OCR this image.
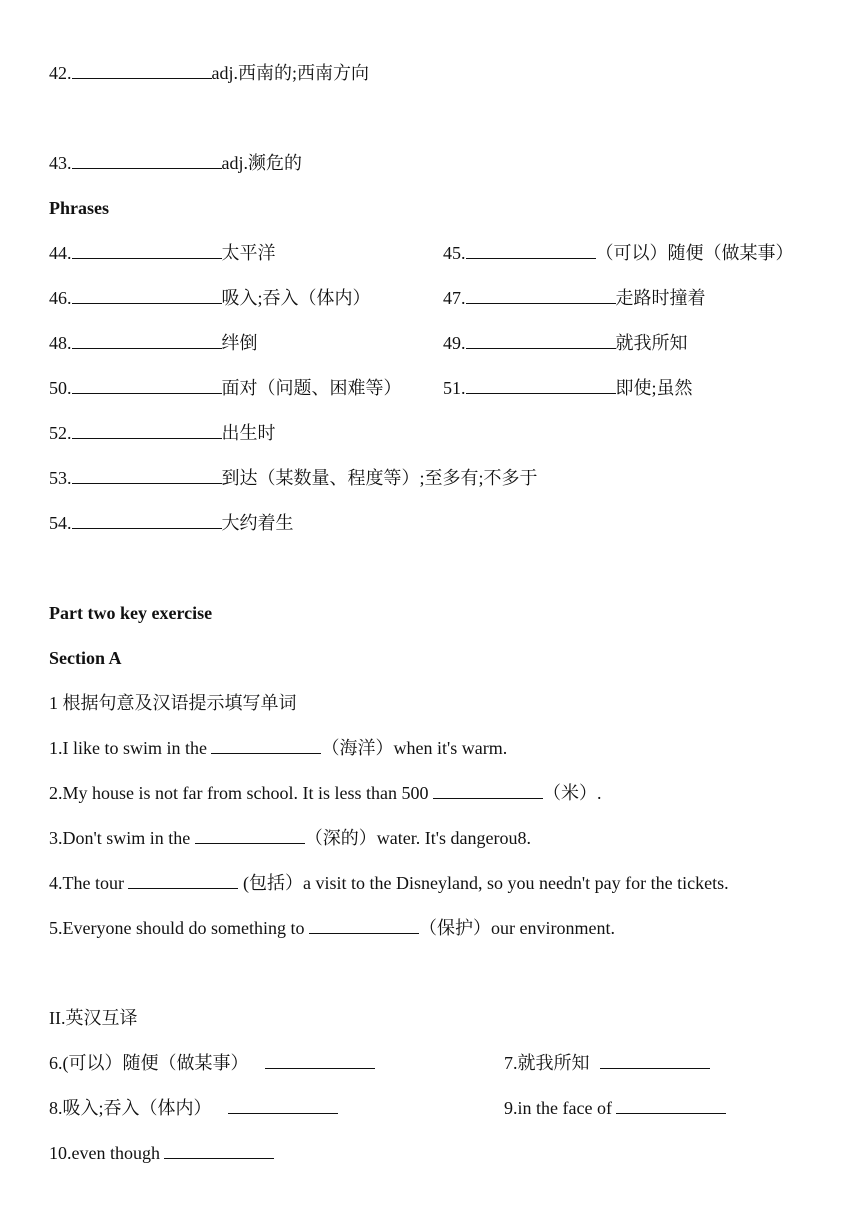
42.	adj.西南的;西南方向
43.	adj.濒危的
Phrases
44.	太平洋	45.	（可以）随便（做某事）
46.	吸入;吞入（体内）	47.	走路时撞着
48.	绊倒	49.	就我所知
50.	面对（问题、困难等） 51.	即使;虽然
52.	出生时
53.	到达（某数量、程度等）;至多有;不多于
54.	大约着生
Part two key exercise
Section A
1 根据句意及汉语提示填写单词
1.I like to swim in the	（海洋）when it's warm.
2.My house is not far from school. It is less than 500	（米）.
3.Don't swim in the	（深的）water. It's dangerou8.
4.The tour	(包括）a visit to the Disneyland, so you needn't pay for the tickets.
5.Everyone should do something to	（保护）our environment.
II.英汉互译
6.(可以）随便（做某事）	7.就我所知
8.吸入;吞入（体内）	9.in the face of
10.even though
